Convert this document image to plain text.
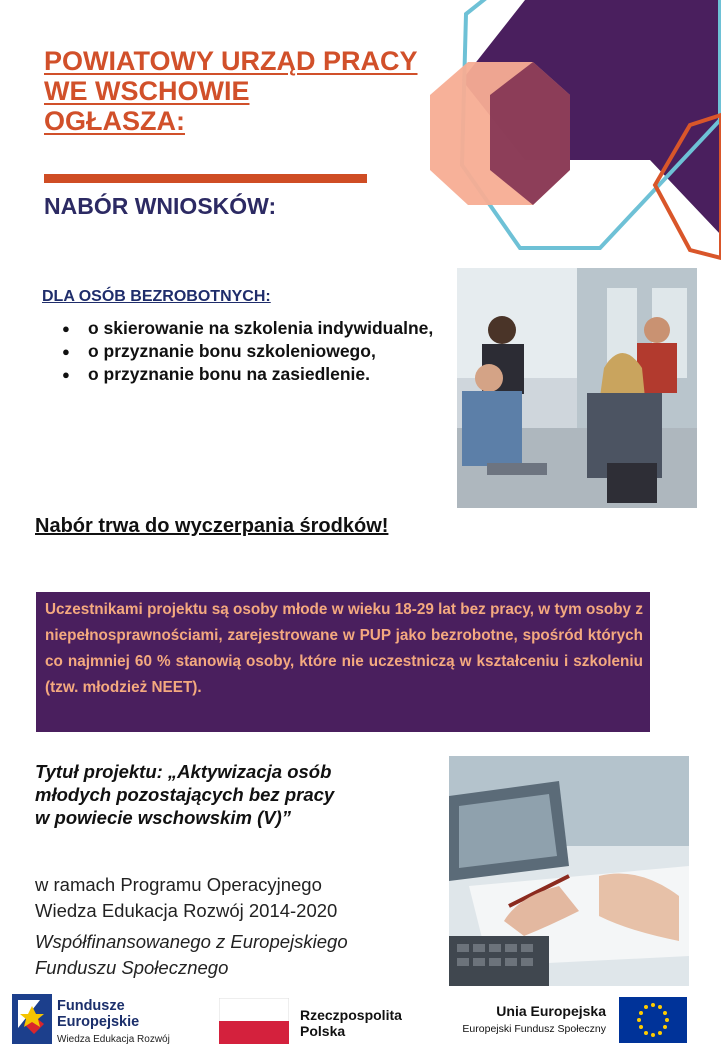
POWIATOWY URZĄD PRACY
WE WSCHOWIE
OGŁASZA:
NABÓR WNIOSKÓW:
DLA OSÓB BEZROBOTNYCH:
● o skierowanie na szkolenia indywidualne,
● o przyznanie bonu szkoleniowego,
● o przyznanie bonu na zasiedlenie.

Nabór trwa do wyczerpania środków!

Uczestnikami projektu są osoby młode w wieku 18-29 lat bez pracy, w tym osoby z niepełnosprawnościami, zarejestrowane w PUP jako bezrobotne, spośród których co najmniej 60 % stanowią osoby, które nie uczestniczą w kształceniu i szkoleniu (tzw. młodzież NEET).

Tytuł projektu: „Aktywizacja osób
młodych pozostających bez pracy
w powiecie wschowskim (V)”

w ramach Programu Operacyjnego
Wiedza Edukacja Rozwój 2014-2020

Współfinansowanego z Europejskiego
Funduszu Społecznego

Fundusze
Europejskie
Wiedza Edukacja Rozwój
Rzeczpospolita
Polska
Unia Europejska
Europejski Fundusz Społeczny
